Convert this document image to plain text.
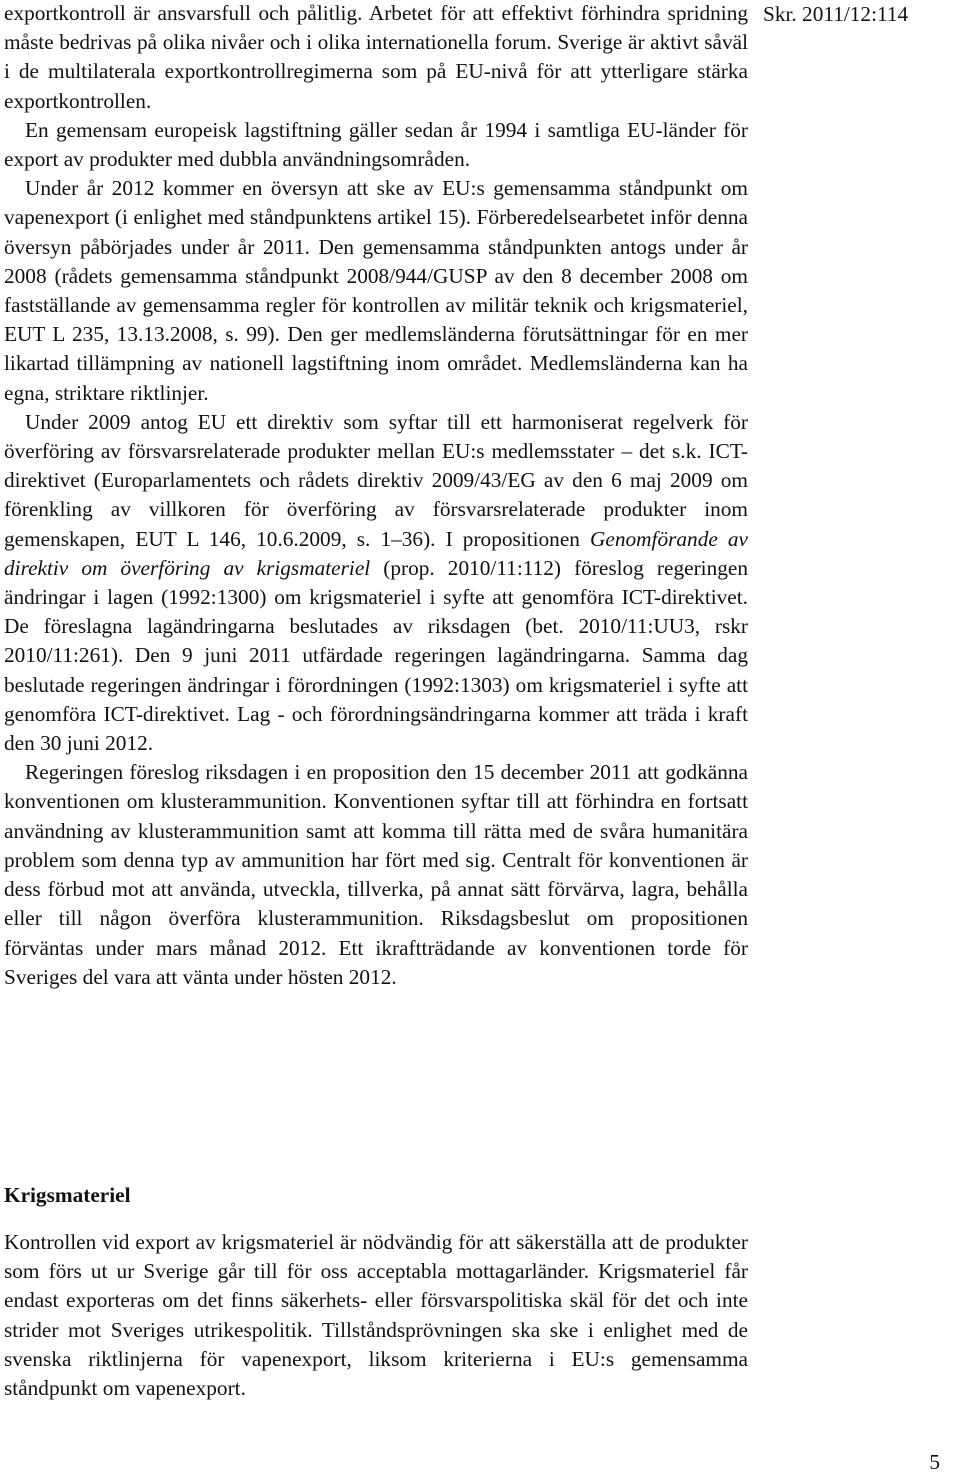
Skr. 2011/12:114

exportkontroll är ansvarsfull och pålitlig. Arbetet för att effektivt förhindra spridning måste bedrivas på olika nivåer och i olika internationella forum. Sverige är aktivt såväl i de multilaterala exportkontrollregimerna som på EU-nivå för att ytterligare stärka exportkontrollen.

En gemensam europeisk lagstiftning gäller sedan år 1994 i samtliga EU-länder för export av produkter med dubbla användningsområden.

Under år 2012 kommer en översyn att ske av EU:s gemensamma ståndpunkt om vapenexport (i enlighet med ståndpunktens artikel 15). Förberedelsearbetet inför denna översyn påbörjades under år 2011. Den gemensamma ståndpunkten antogs under år 2008 (rådets gemensamma ståndpunkt 2008/944/GUSP av den 8 december 2008 om fastställande av gemensamma regler för kontrollen av militär teknik och krigsmateriel, EUT L 235, 13.13.2008, s. 99). Den ger medlemsländerna förutsättningar för en mer likartad tillämpning av nationell lagstiftning inom området. Medlemsländerna kan ha egna, striktare riktlinjer.

Under 2009 antog EU ett direktiv som syftar till ett harmoniserat regelverk för överföring av försvarsrelaterade produkter mellan EU:s medlemsstater – det s.k. ICT-direktivet (Europarlamentets och rådets direktiv 2009/43/EG av den 6 maj 2009 om förenkling av villkoren för överföring av försvarsrelaterade produkter inom gemenskapen, EUT L 146, 10.6.2009, s. 1–36). I propositionen Genomförande av direktiv om överföring av krigsmateriel (prop. 2010/11:112) föreslog regeringen ändringar i lagen (1992:1300) om krigsmateriel i syfte att genomföra ICT-direktivet. De föreslagna lagändringarna beslutades av riksdagen (bet. 2010/11:UU3, rskr 2010/11:261). Den 9 juni 2011 utfärdade regeringen lagändringarna. Samma dag beslutade regeringen ändringar i förordningen (1992:1303) om krigsmateriel i syfte att genomföra ICT-direktivet. Lag - och förordningsändringarna kommer att träda i kraft den 30 juni 2012.

Regeringen föreslog riksdagen i en proposition den 15 december 2011 att godkänna konventionen om klusterammunition. Konventionen syftar till att förhindra en fortsatt användning av klusterammunition samt att komma till rätta med de svåra humanitära problem som denna typ av ammunition har fört med sig. Centralt för konventionen är dess förbud mot att använda, utveckla, tillverka, på annat sätt förvärva, lagra, behålla eller till någon överföra klusterammunition. Riksdagsbeslut om propositionen förväntas under mars månad 2012. Ett ikraftträdande av konventionen torde för Sveriges del vara att vänta under hösten 2012.

Krigsmateriel

Kontrollen vid export av krigsmateriel är nödvändig för att säkerställa att de produkter som förs ut ur Sverige går till för oss acceptabla mottagarländer. Krigsmateriel får endast exporteras om det finns säkerhets- eller försvarspolitiska skäl för det och inte strider mot Sveriges utrikespolitik. Tillståndsprövningen ska ske i enlighet med de svenska riktlinjerna för vapenexport, liksom kriterierna i EU:s gemensamma ståndpunkt om vapenexport.

5
